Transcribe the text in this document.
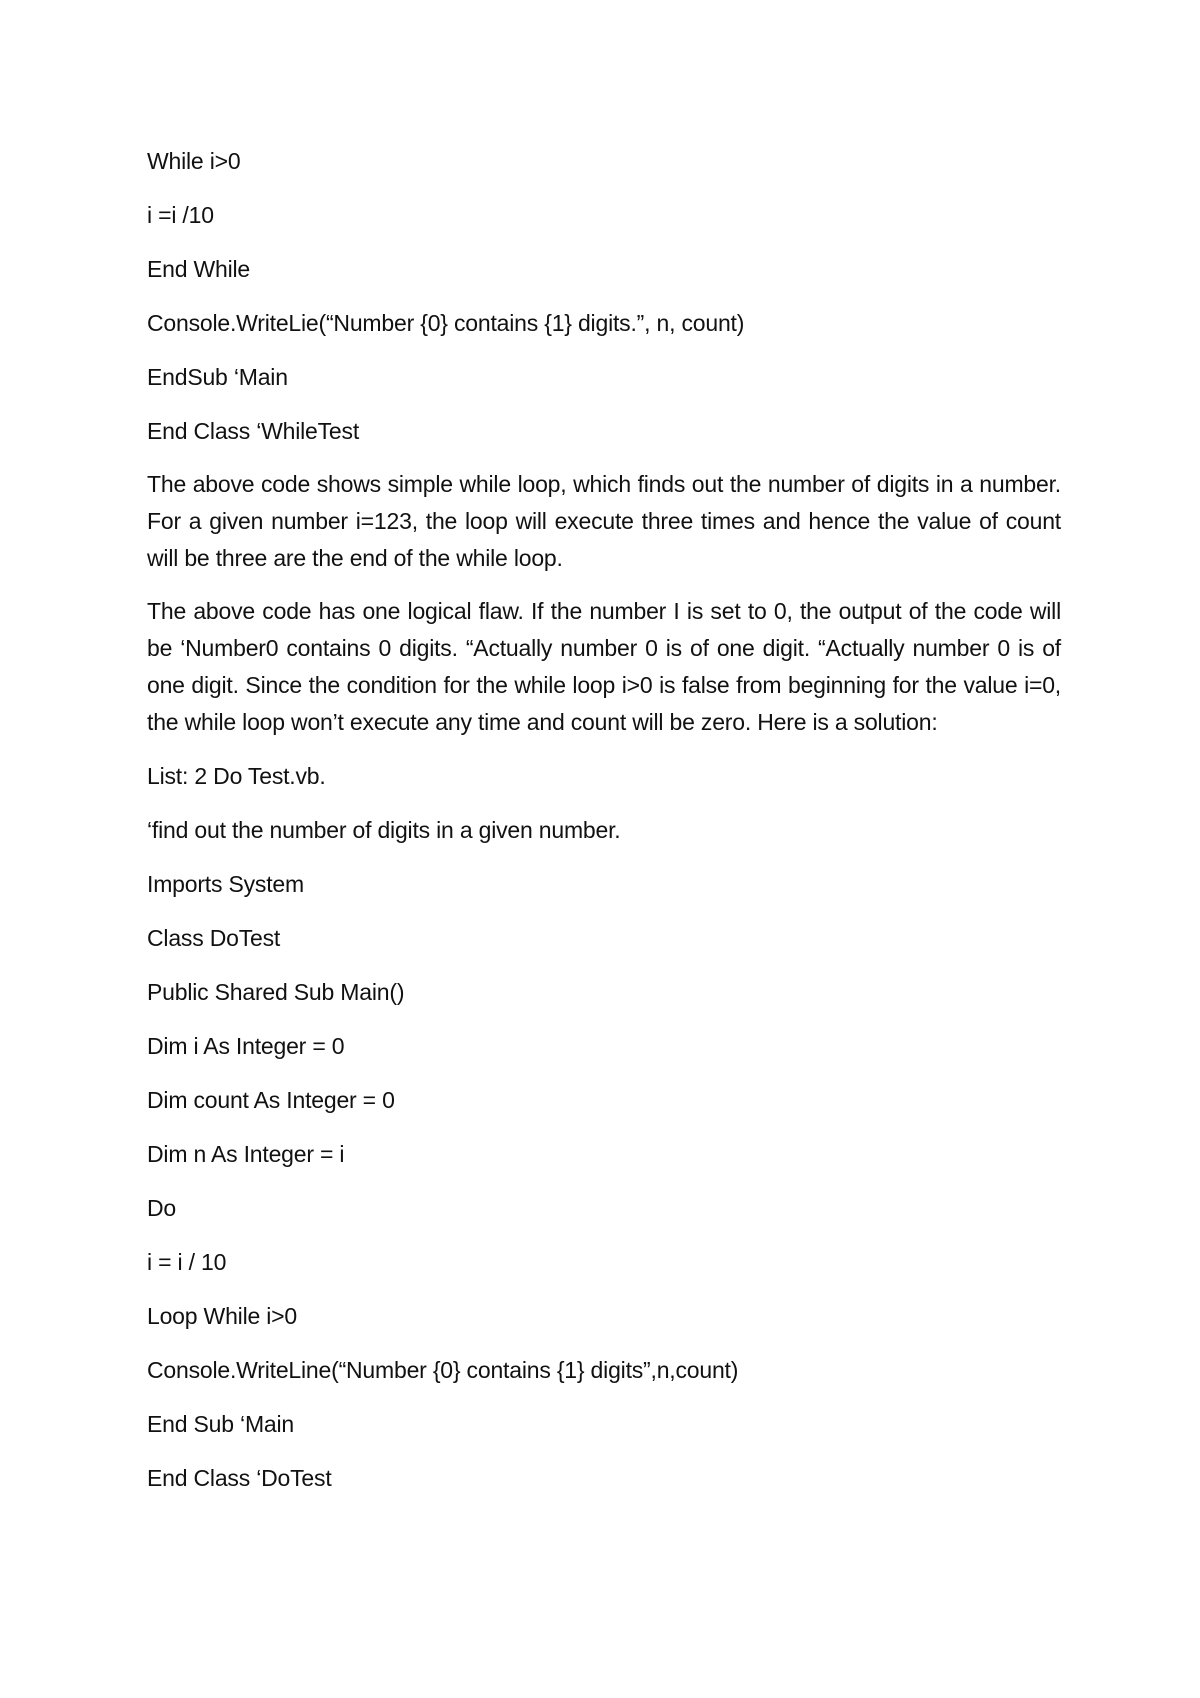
While i>0
i =i /10
End While
Console.WriteLie(“Number {0} contains {1} digits.”, n, count)
EndSub ‘Main
End Class ‘WhileTest
The above code shows simple while loop, which finds out the number of digits in a number. For a given number i=123, the loop will execute three times and hence the value of count will be three are the end of the while loop.
The above code has one logical flaw. If the number I is set to 0, the output of the code will be ‘Number0 contains 0 digits. “Actually number 0 is of one digit. “Actually number 0 is of one digit. Since the condition for the while loop i>0 is false from beginning for the value i=0, the while loop won’t execute any time and count will be zero. Here is a solution:
List: 2 Do Test.vb.
‘find out the number of digits in a given number.
Imports System
Class DoTest
Public Shared Sub Main()
Dim i As Integer = 0
Dim count As Integer = 0
Dim n As Integer = i
Do
i = i / 10
Loop While i>0
Console.WriteLine(“Number {0} contains {1} digits”,n,count)
End Sub ‘Main
End Class ‘DoTest
